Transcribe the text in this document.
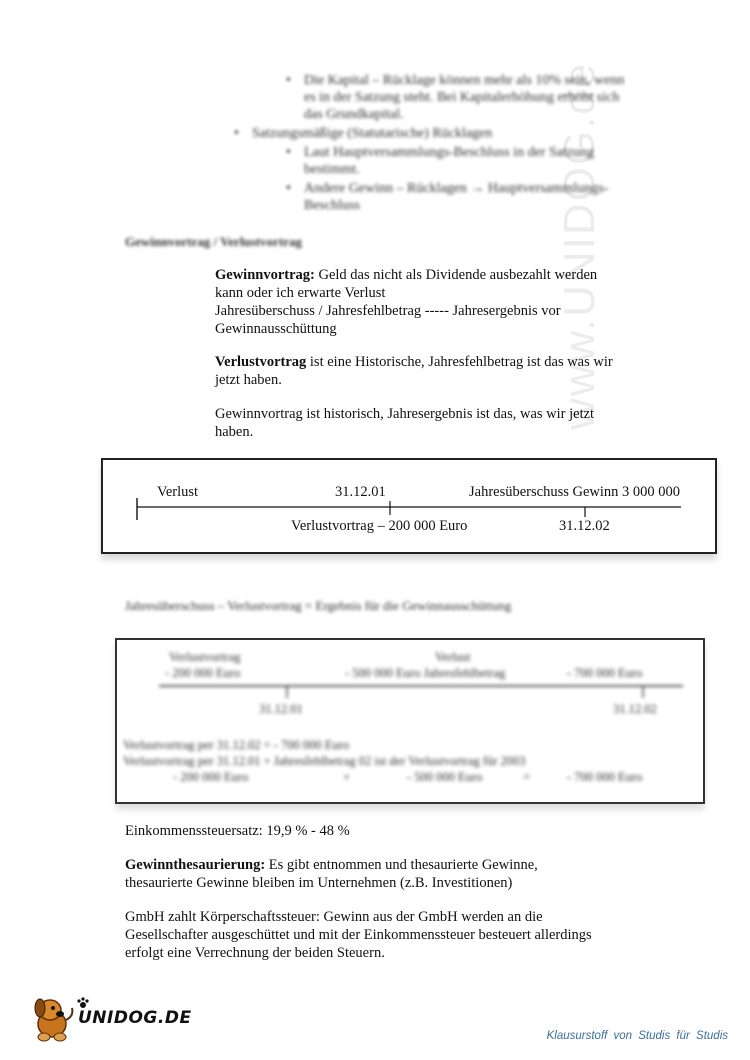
www.UNIDOG.de
• Die Kapital – Rücklage können mehr als 10% sein, wenn es in der Satzung steht. Bei Kapitalerhöhung erhöht sich das Grundkapital.
• Satzungsmäßige (Statutarische) Rücklagen
• Laut Hauptversammlungs-Beschluss in der Satzung bestimmt.
• Andere Gewinn – Rücklagen → Hauptversammlungs-Beschluss
Gewinnvortrag / Verlustvortrag
Gewinnvortrag: Geld das nicht als Dividende ausbezahlt werden kann oder ich erwarte Verlust
Jahresüberschuss / Jahresfehlbetrag ----- Jahresergebnis vor Gewinnausschüttung
Verlustvortrag ist eine Historische, Jahresfehlbetrag ist das was wir jetzt haben.
Gewinnvortrag ist historisch, Jahresergebnis ist das, was wir jetzt haben.
Verlust	31.12.01	Jahresüberschuss Gewinn 3 000 000
Verlustvortrag – 200 000 Euro	31.12.02
Jahresüberschuss – Verlustvortrag = Ergebnis für die Gewinnausschüttung
Verlustvortrag
- 200 000 Euro
Verlust
- 500 000 Euro Jahresfehlbetrag	- 700 000 Euro
31.12.01	31.12.02
Verlustvortrag per 31.12.02 = - 700 000 Euro
Verlustvortrag per 31.12.01 + Jahresfehlbetrag 02 ist der Verlustvortrag für 2003
- 200 000 Euro	+	- 500 000 Euro	=	- 700 000 Euro
Einkommenssteuersatz: 19,9 % - 48 %
Gewinnthesaurierung: Es gibt entnommen und thesaurierte Gewinne, thesaurierte Gewinne bleiben im Unternehmen (z.B. Investitionen)
GmbH zahlt Körperschaftssteuer: Gewinn aus der GmbH werden an die Gesellschafter ausgeschüttet und mit der Einkommenssteuer besteuert allerdings erfolgt eine Verrechnung der beiden Steuern.
UNIDOG.DE
Klausurstoff von Studis für Studis
